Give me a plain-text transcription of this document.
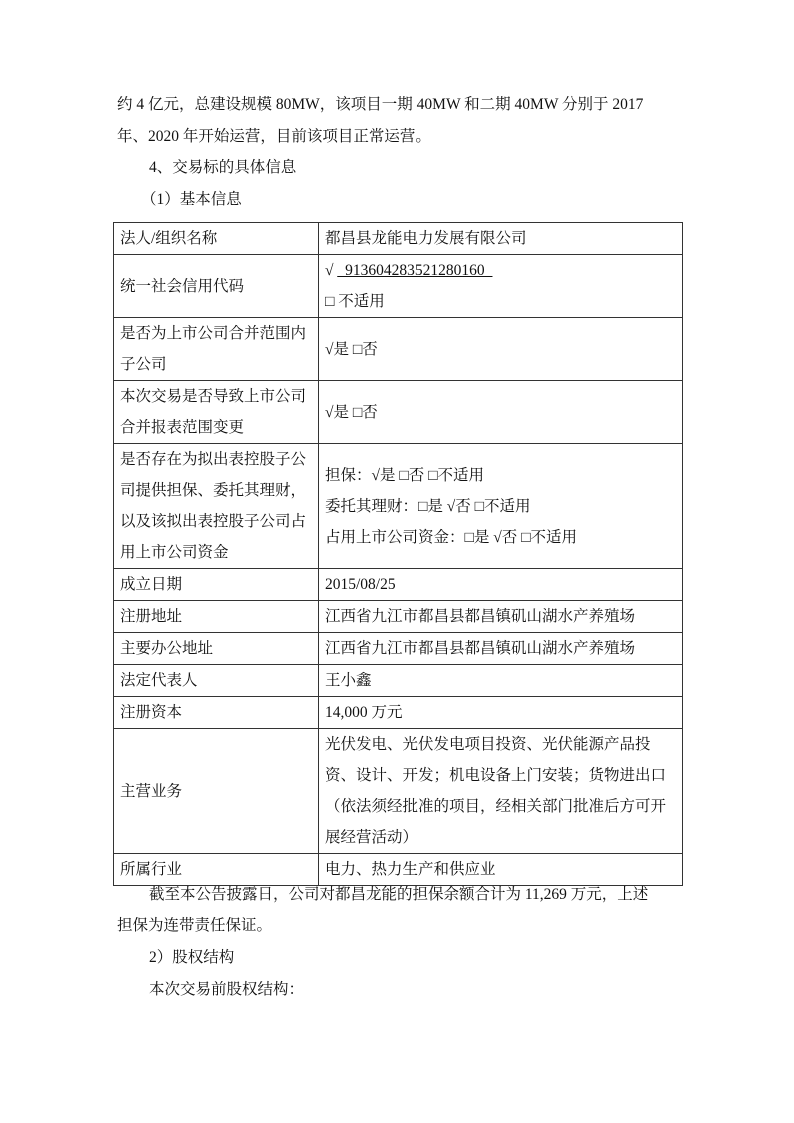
约 4 亿元，总建设规模 80MW，该项目一期 40MW 和二期 40MW 分别于 2017
年、2020 年开始运营，目前该项目正常运营。
4、交易标的具体信息
（1）基本信息
法人/组织名称	都昌县龙能电力发展有限公司
统一社会信用代码	√ _913604283521280160_
□ 不适用

是否为上市公司合并范围内子公司	√是 □否
本次交易是否导致上市公司合并报表范围变更	√是 □否
是否存在为拟出表控股子公司提供担保、委托其理财，以及该拟出表控股子公司占用上市公司资金	担保：√是 □否 □不适用
委托其理财：□是 √否 □不适用
占用上市公司资金：□是 √否 □不适用

成立日期	2015/08/25
注册地址	江西省九江市都昌县都昌镇矶山湖水产养殖场
主要办公地址	江西省九江市都昌县都昌镇矶山湖水产养殖场
法定代表人	王小鑫
注册资本	14,000 万元
主营业务	光伏发电、光伏发电项目投资、光伏能源产品投资、设计、开发；机电设备上门安装；货物进出口（依法须经批准的项目，经相关部门批准后方可开展经营活动）
所属行业	电力、热力生产和供应业
截至本公告披露日，公司对都昌龙能的担保余额合计为 11,269 万元，上述
担保为连带责任保证。
2）股权结构
本次交易前股权结构：
